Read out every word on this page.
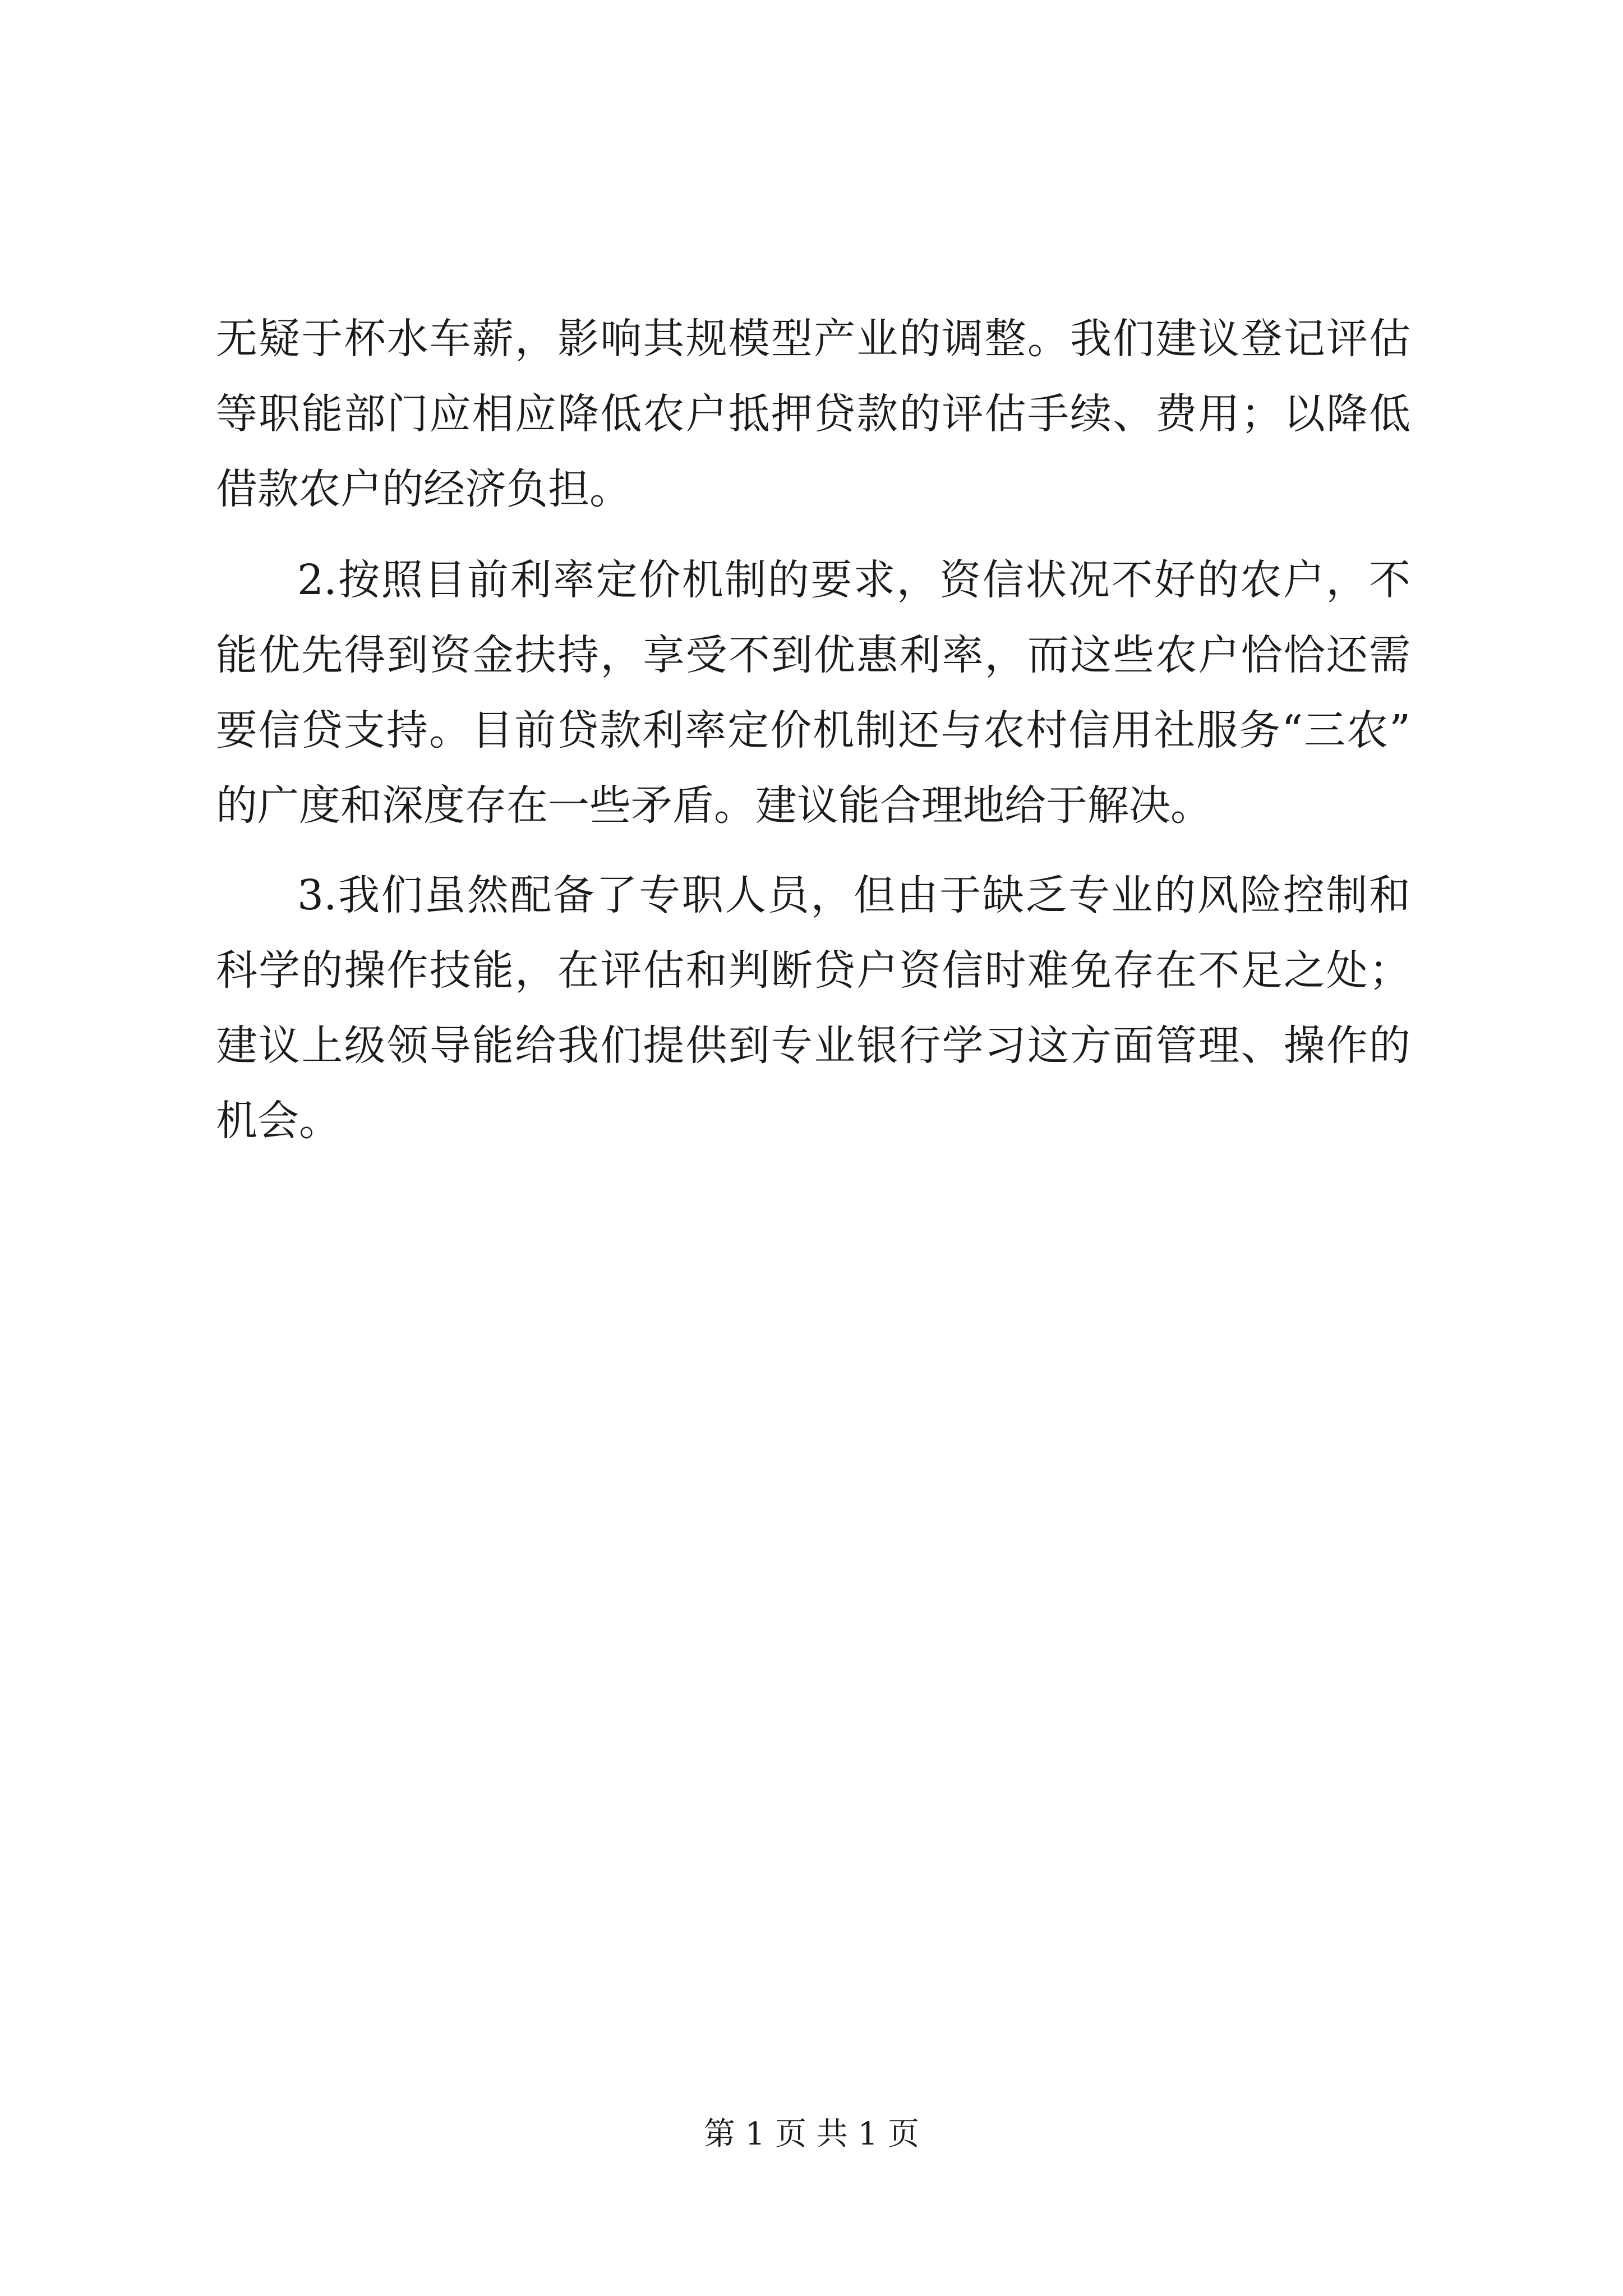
无疑于杯水车薪，影响其规模型产业的调整。我们建议登记评估
等职能部门应相应降低农户抵押贷款的评估手续、费用；以降低
借款农户的经济负担。
2.按照目前利率定价机制的要求，资信状况不好的农户，不
能优先得到资金扶持，享受不到优惠利率，而这些农户恰恰还需
要信贷支持。目前贷款利率定价机制还与农村信用社服务“三农”
的广度和深度存在一些矛盾。建议能合理地给于解决。
3.我们虽然配备了专职人员，但由于缺乏专业的风险控制和
科学的操作技能，在评估和判断贷户资信时难免存在不足之处；
建议上级领导能给我们提供到专业银行学习这方面管理、操作的
机会。
第 1 页 共 1 页
